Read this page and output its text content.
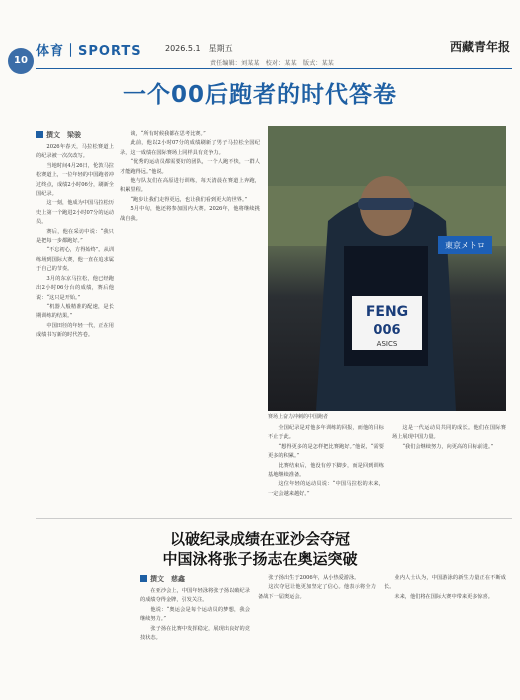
10
体育｜SPORTS	2026.5.1　星期五	西藏青年报
责任编辑：刘某某　校对：某某　版式：某某
一个00后跑者的时代答卷
撰文　梁骏

2026年春天，马拉松赛道上的纪录被一次次改写。

当地时间4月26日，伦敦马拉松赛道上，一位年轻的中国跑者冲过终点，成绩2小时06分，刷新全国纪录。

这一刻，他成为中国马拉松历史上第一个跑进2小时07分的运动员。

赛后，他在采访中说：“我只是把每一步都跑好。”

“不忘初心，方得始终”。从训练场到国际大赛，他一直在追求属于自己的节奏。

3月的东京马拉松，他已经跑出2小时06分台的成绩，赛后他说：“这只是开始。”

“机器人般精准的配速，是长期训练的结果。”

中国田径的年轻一代，正在用成绩书写新的时代答卷。

谈，“所有时候我都在思考比赛。”

此前，他以2小时07分的成绩刷新了男子马拉松全国纪录，这一成绩在国际赛场上同样具有竞争力。

“优秀的运动员都需要好的团队，一个人跑不快，一群人才能跑得远。”他说。

他与队友们在高原进行训练，每天清晨在赛道上奔跑，积累里程。

“跑步让我们走得更远，也让我们看到更大的世界。”

5月中旬，他还将参加国内大赛。2026年，他将继续挑战自我。

FENG
006
ASICS
東京メトロ
赛场上奋力冲刺的中国跑者

全国纪录是对他多年训练的回报，而他的目标不止于此。

“想得更多的是怎样把比赛跑好。”他说，“需要更多的积累。”

比赛结束后，他没有停下脚步，而是回到训练基地继续准备。

这位年轻的运动员说：“中国马拉松的未来，一定会越来越好。”

这是一代运动员共同的成长。他们在国际赛场上展现中国力量。

“我们会继续努力，向更高的目标前进。”

以破纪录成绩在亚沙会夺冠
中国泳将张子扬志在奥运突破
撰文　慈鑫

在亚沙会上，中国年轻泳将张子扬以破纪录的成绩夺得金牌，引发关注。

他说：“奥运会是每个运动员的梦想，我会继续努力。”

张子扬在比赛中发挥稳定，展现出良好的竞技状态。

张子扬出生于2006年，从小热爱游泳。

这次夺冠让他更加坚定了信心。他表示将全力备战下一届奥运会。

业内人士认为，中国游泳的新生力量正在不断成长。

未来，他们将在国际大赛中带来更多惊喜。
